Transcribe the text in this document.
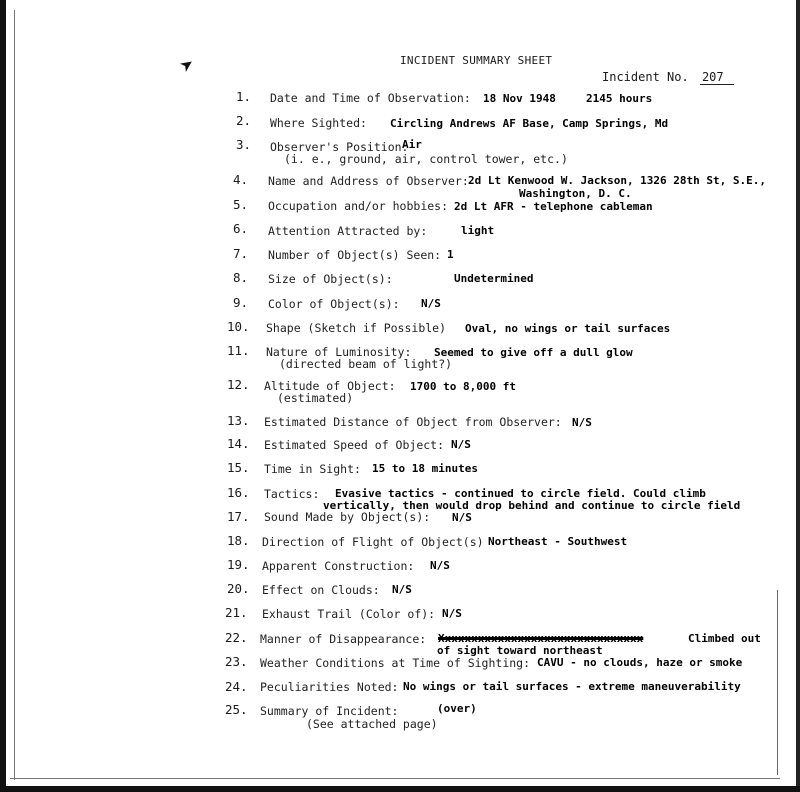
➤	INCIDENT SUMMARY SHEET
Incident No. 207
1. Date and Time of Observation: 18 Nov 1948	2145 hours
2. Where Sighted: Circling Andrews AF Base, Camp Springs, Md
3. Observer's Position:
Air
(i. e., ground, air, control tower, etc.)
4. Name and Address of Observer: 2d Lt Kenwood W. Jackson, 1326 28th St, S.E.,
Washington, D. C.
5. Occupation and/or hobbies: 2d Lt AFR - telephone cableman
6. Attention Attracted by:	light
7. Number of Object(s) Seen: 1
8. Size of Object(s):	Undetermined
9. Color of Object(s): N/S
10. Shape (Sketch if Possible) Oval, no wings or tail surfaces
11. Nature of Luminosity: Seemed to give off a dull glow
(directed beam of light?)
12. Altitude of Object: 1700 to 8,000 ft
(estimated)
13. Estimated Distance of Object from Observer: N/S
14. Estimated Speed of Object: N/S
15. Time in Sight: 15 to 18 minutes
16. Tactics: Evasive tactics - continued to circle field. Could climb
vertically, then would drop behind and continue to circle field
17. Sound Made by Object(s): N/S
18. Direction of Flight of Object(s) Northeast - Southwest
19. Apparent Construction: N/S
20. Effect on Clouds: N/S
21. Exhaust Trail (Color of): N/S
22. Manner of Disappearance: Xxxxxxxxxxxxxxxxxxxxxxxxxxxxxxx	Climbed out
of sight toward northeast
23. Weather Conditions at Time of Sighting: CAVU - no clouds, haze or smoke
24. Peculiarities Noted: No wings or tail surfaces - extreme maneuverability
25. Summary of Incident:	(over)
(See attached page)
